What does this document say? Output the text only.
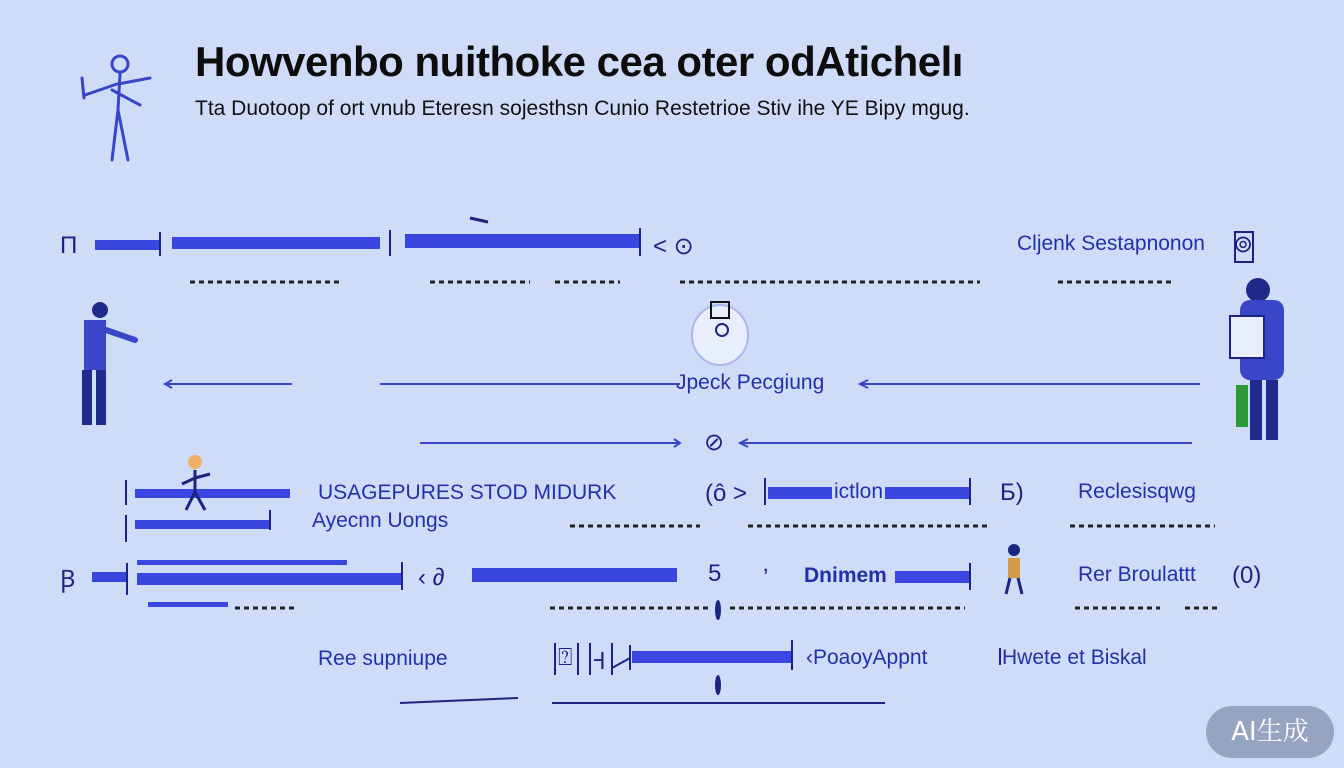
Howvenbo nuithoke cea oter odAtichelı
Tta Duotoop of ort vnub Eteresn sojesthsn Cunio Restetrioe Stiv ihe YE Bipy mgug.
Π	< ⊙	Cljenk Sestapnonon ⊚
Jpeck Pecgiung
⊘
USAGEPURES STOD MIDURK
Ayecnn Uongs
(ô >	ictlon	Б)	Reclesisqwg
Ꞵ	‹ ∂	5 ‚ Dnimem	Rer Broulattt (0)
Ree supniupe	⍰ Ꟶ	‹PoaoyAppnt	Hwete et Biskal
AI生成
